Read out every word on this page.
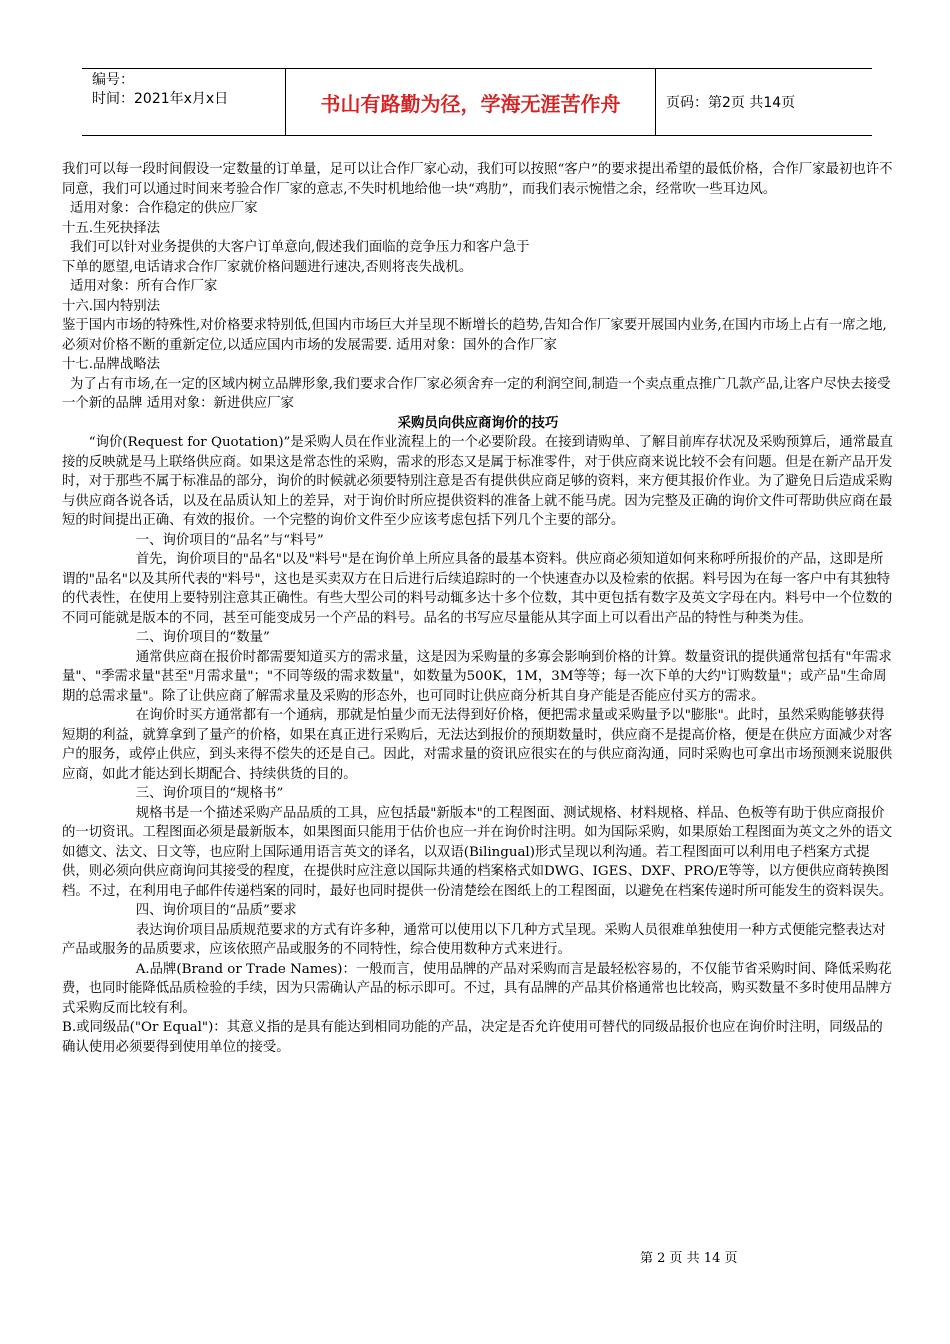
编号：
时间：2021年x月x日	书山有路勤为径，学海无涯苦作舟	页码：第2页 共14页

我们可以每一段时间假设一定数量的订单量，足可以让合作厂家心动，我们可以按照“客户”的要求提出希望的最低价格，合作厂家最初也许不同意，我们可以通过时间来考验合作厂家的意志,不失时机地给他一块“鸡肋”，而我们表示惋惜之余，经常吹一些耳边风。

适用对象：合作稳定的供应厂家

十五.生死抉择法

我们可以针对业务提供的大客户订单意向,假述我们面临的竞争压力和客户急于

下单的愿望,电话请求合作厂家就价格问题进行速决,否则将丧失战机。

适用对象：所有合作厂家

十六.国内特别法

鉴于国内市场的特殊性,对价格要求特别低,但国内市场巨大并呈现不断增长的趋势,告知合作厂家要开展国内业务,在国内市场上占有一席之地,必须对价格不断的重新定位,以适应国内市场的发展需要. 适用对象：国外的合作厂家

十七.品牌战略法

为了占有市场,在一定的区域内树立品牌形象,我们要求合作厂家必须舍弃一定的利润空间,制造一个卖点重点推广几款产品,让客户尽快去接受一个新的品牌 适用对象：新进供应厂家

采购员向供应商询价的技巧

“询价(Request for Quotation)”是采购人员在作业流程上的一个必要阶段。在接到请购单、了解目前库存状况及采购预算后，通常最直接的反映就是马上联络供应商。如果这是常态性的采购，需求的形态又是属于标准零件，对于供应商来说比较不会有问题。但是在新产品开发时，对于那些不属于标准品的部分，询价的时候就必须要特别注意是否有提供供应商足够的资料，来方便其报价作业。为了避免日后造成采购与供应商各说各话，以及在品质认知上的差异，对于询价时所应提供资料的准备上就不能马虎。因为完整及正确的询价文件可帮助供应商在最短的时间提出正确、有效的报价。一个完整的询价文件至少应该考虑包括下列几个主要的部分。

一、询价项目的“品名”与“料号”

首先，询价项目的"品名"以及"料号"是在询价单上所应具备的最基本资料。供应商必须知道如何来称呼所报价的产品，这即是所谓的"品名"以及其所代表的"料号"，这也是买卖双方在日后进行后续追踪时的一个快速查办以及检索的依据。料号因为在每一客户中有其独特的代表性，在使用上要特别注意其正确性。有些大型公司的料号动辄多达十多个位数，其中更包括有数字及英文字母在内。料号中一个位数的不同可能就是版本的不同，甚至可能变成另一个产品的料号。品名的书写应尽量能从其字面上可以看出产品的特性与种类为佳。

二、询价项目的“数量”

通常供应商在报价时都需要知道买方的需求量，这是因为采购量的多寡会影响到价格的计算。数量资讯的提供通常包括有"年需求量"、"季需求量"甚至"月需求量"；"不同等级的需求数量"，如数量为500K，1M，3M等等；每一次下单的大约"订购数量"；或产品"生命周期的总需求量"。除了让供应商了解需求量及采购的形态外，也可同时让供应商分析其自身产能是否能应付买方的需求。

在询价时买方通常都有一个通病，那就是怕量少而无法得到好价格，便把需求量或采购量予以"膨胀"。此时，虽然采购能够获得短期的利益，就算拿到了量产的价格，如果在真正进行采购后，无法达到报价的预期数量时，供应商不是提高价格，便是在供应方面减少对客户的服务，或停止供应，到头来得不偿失的还是自己。因此，对需求量的资讯应很实在的与供应商沟通，同时采购也可拿出市场预测来说服供应商，如此才能达到长期配合、持续供货的目的。

三、询价项目的“规格书”

规格书是一个描述采购产品品质的工具，应包括最"新版本"的工程图面、测试规格、材料规格、样品、色板等有助于供应商报价的一切资讯。工程图面必须是最新版本，如果图面只能用于估价也应一并在询价时注明。如为国际采购，如果原始工程图面为英文之外的语文如德文、法文、日文等，也应附上国际通用语言英文的译名，以双语(Bilingual)形式呈现以利沟通。若工程图面可以利用电子档案方式提供，则必须向供应商询问其接受的程度，在提供时应注意以国际共通的档案格式如DWG、IGES、DXF、PRO/E等等，以方便供应商转换图档。不过，在利用电子邮件传递档案的同时，最好也同时提供一份清楚绘在图纸上的工程图面，以避免在档案传递时所可能发生的资料误失。

四、询价项目的“品质”要求

表达询价项目品质规范要求的方式有许多种，通常可以使用以下几种方式呈现。采购人员很难单独使用一种方式便能完整表达对产品或服务的品质要求，应该依照产品或服务的不同特性，综合使用数种方式来进行。

A.品牌(Brand or Trade Names)：一般而言，使用品牌的产品对采购而言是最轻松容易的，不仅能节省采购时间、降低采购花费，也同时能降低品质检验的手续，因为只需确认产品的标示即可。不过，具有品牌的产品其价格通常也比较高，购买数量不多时使用品牌方式采购反而比较有利。

B.或同级品("Or Equal")：其意义指的是具有能达到相同功能的产品，决定是否允许使用可替代的同级品报价也应在询价时注明，同级品的确认使用必须要得到使用单位的接受。

第 2 页 共 14 页
